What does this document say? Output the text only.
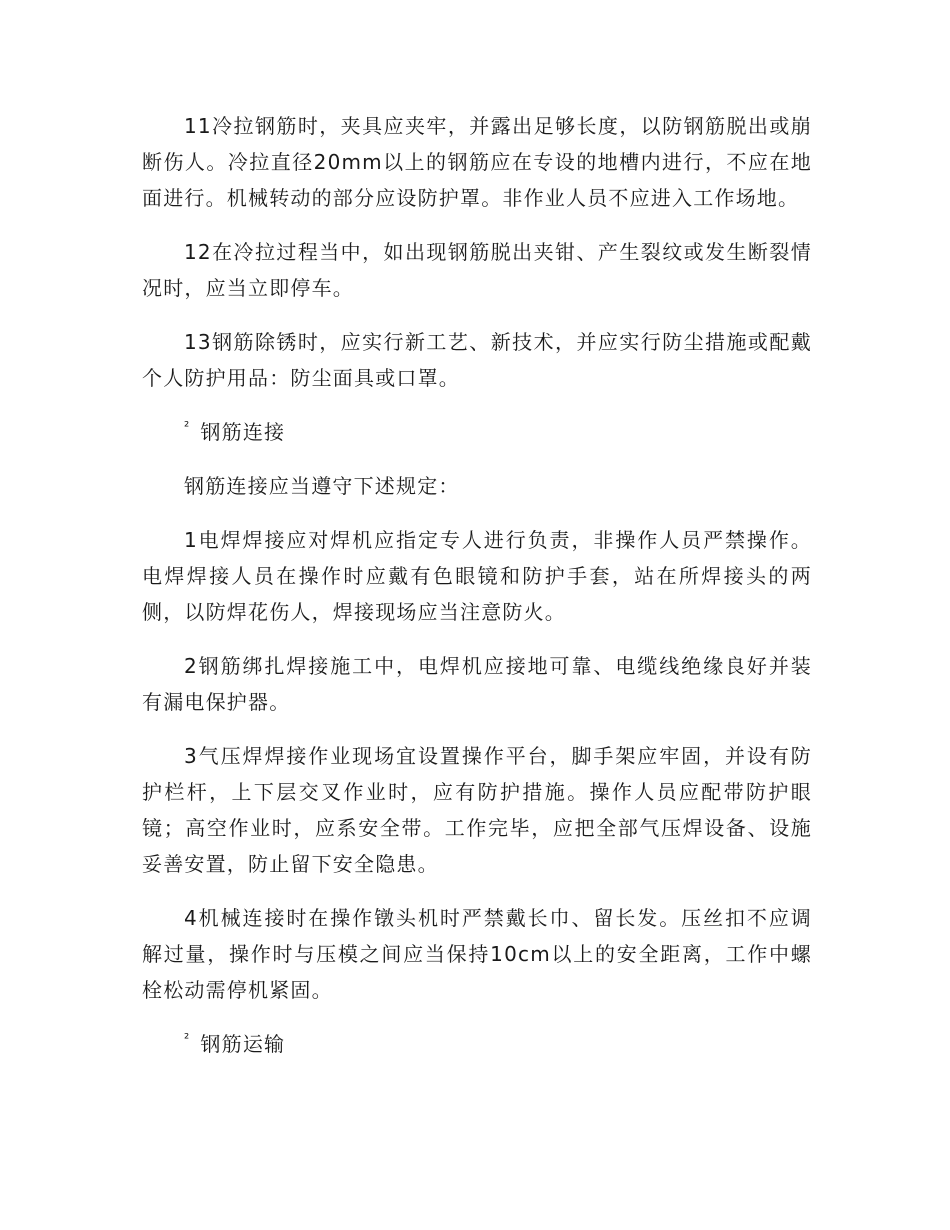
11冷拉钢筋时，夹具应夹牢，并露出足够长度，以防钢筋脱出或崩断伤人。冷拉直径20mm以上的钢筋应在专设的地槽内进行，不应在地面进行。机械转动的部分应设防护罩。非作业人员不应进入工作场地。

12在冷拉过程当中，如出现钢筋脱出夹钳、产生裂纹或发生断裂情况时，应当立即停车。

13钢筋除锈时，应实行新工艺、新技术，并应实行防尘措施或配戴个人防护用品：防尘面具或口罩。

² 钢筋连接

钢筋连接应当遵守下述规定：

1电焊焊接应对焊机应指定专人进行负责，非操作人员严禁操作。电焊焊接人员在操作时应戴有色眼镜和防护手套，站在所焊接头的两侧，以防焊花伤人，焊接现场应当注意防火。

2钢筋绑扎焊接施工中，电焊机应接地可靠、电缆线绝缘良好并装有漏电保护器。

3气压焊焊接作业现场宜设置操作平台，脚手架应牢固，并设有防护栏杆，上下层交叉作业时，应有防护措施。操作人员应配带防护眼镜；高空作业时，应系安全带。工作完毕，应把全部气压焊设备、设施妥善安置，防止留下安全隐患。

4机械连接时在操作镦头机时严禁戴长巾、留长发。压丝扣不应调解过量，操作时与压模之间应当保持10cm以上的安全距离，工作中螺栓松动需停机紧固。

² 钢筋运输
